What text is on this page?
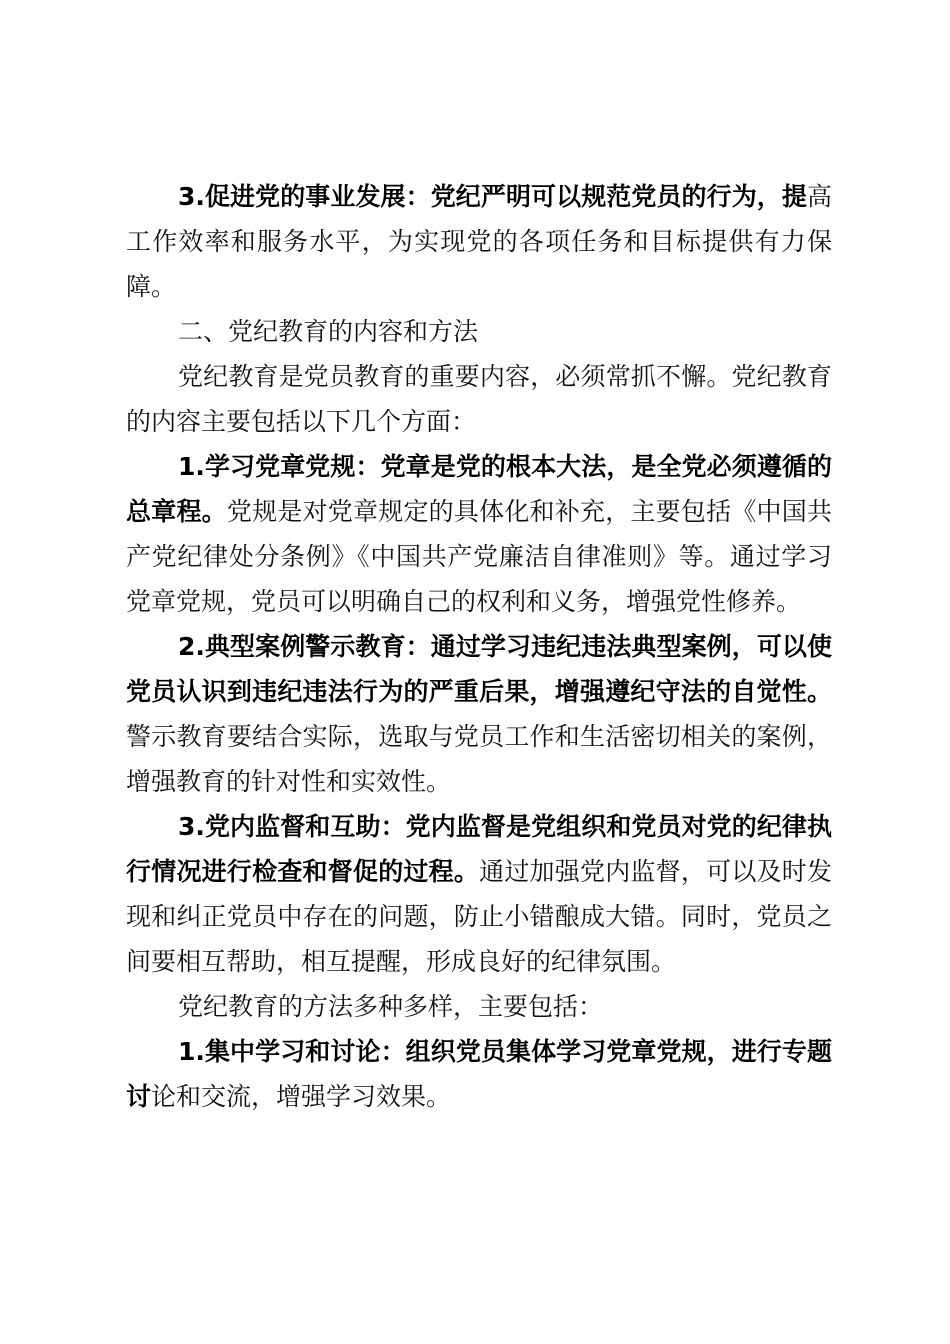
3.促进党的事业发展：党纪严明可以规范党员的行为，提高工作效率和服务水平，为实现党的各项任务和目标提供有力保障。

二、党纪教育的内容和方法

党纪教育是党员教育的重要内容，必须常抓不懈。党纪教育的内容主要包括以下几个方面：

1.学习党章党规：党章是党的根本大法，是全党必须遵循的总章程。党规是对党章规定的具体化和补充，主要包括《中国共产党纪律处分条例》《中国共产党廉洁自律准则》等。通过学习党章党规，党员可以明确自己的权利和义务，增强党性修养。

2.典型案例警示教育：通过学习违纪违法典型案例，可以使党员认识到违纪违法行为的严重后果，增强遵纪守法的自觉性。警示教育要结合实际，选取与党员工作和生活密切相关的案例，增强教育的针对性和实效性。

3.党内监督和互助：党内监督是党组织和党员对党的纪律执行情况进行检查和督促的过程。通过加强党内监督，可以及时发现和纠正党员中存在的问题，防止小错酿成大错。同时，党员之间要相互帮助，相互提醒，形成良好的纪律氛围。

党纪教育的方法多种多样，主要包括：

1.集中学习和讨论：组织党员集体学习党章党规，进行专题讨论和交流，增强学习效果。
